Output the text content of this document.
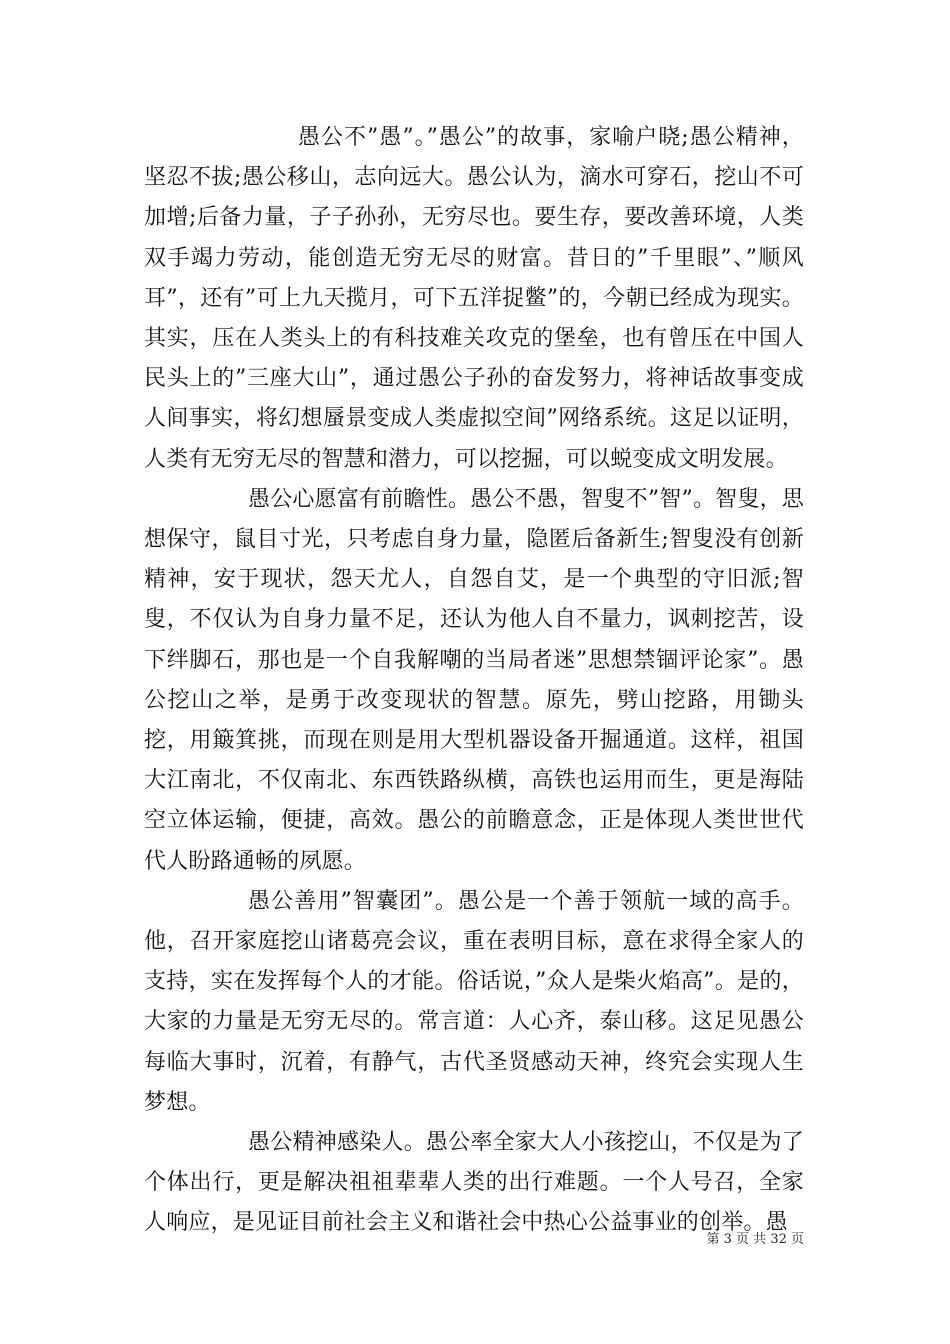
愚公不”愚”。”愚公”的故事，家喻户晓;愚公精神，坚忍不拔;愚公移山，志向远大。愚公认为，滴水可穿石，挖山不可加增;后备力量，子子孙孙，无穷尽也。要生存，要改善环境，人类双手竭力劳动，能创造无穷无尽的财富。昔日的”千里眼”、”顺风耳”，还有”可上九天揽月，可下五洋捉鳖”的，今朝已经成为现实。其实，压在人类头上的有科技难关攻克的堡垒，也有曾压在中国人民头上的”三座大山”，通过愚公子孙的奋发努力，将神话故事变成人间事实，将幻想蜃景变成人类虚拟空间”网络系统。这足以证明，人类有无穷无尽的智慧和潜力，可以挖掘，可以蜕变成文明发展。

愚公心愿富有前瞻性。愚公不愚，智叟不”智”。智叟，思想保守，鼠目寸光，只考虑自身力量，隐匿后备新生;智叟没有创新精神，安于现状，怨天尤人，自怨自艾，是一个典型的守旧派;智叟，不仅认为自身力量不足，还认为他人自不量力，讽刺挖苦，设下绊脚石，那也是一个自我解嘲的当局者迷”思想禁锢评论家”。愚公挖山之举，是勇于改变现状的智慧。原先，劈山挖路，用锄头挖，用簸箕挑，而现在则是用大型机器设备开掘通道。这样，祖国大江南北，不仅南北、东西铁路纵横，高铁也运用而生，更是海陆空立体运输，便捷，高效。愚公的前瞻意念，正是体现人类世世代代人盼路通畅的夙愿。

愚公善用”智囊团”。愚公是一个善于领航一域的高手。他，召开家庭挖山诸葛亮会议，重在表明目标，意在求得全家人的支持，实在发挥每个人的才能。俗话说，”众人是柴火焰高”。是的，大家的力量是无穷无尽的。常言道：人心齐，泰山移。这足见愚公每临大事时，沉着，有静气，古代圣贤感动天神，终究会实现人生梦想。

愚公精神感染人。愚公率全家大人小孩挖山，不仅是为了个体出行，更是解决祖祖辈辈人类的出行难题。一个人号召，全家人响应，是见证目前社会主义和谐社会中热心公益事业的创举。愚

第 3 页 共 32 页
